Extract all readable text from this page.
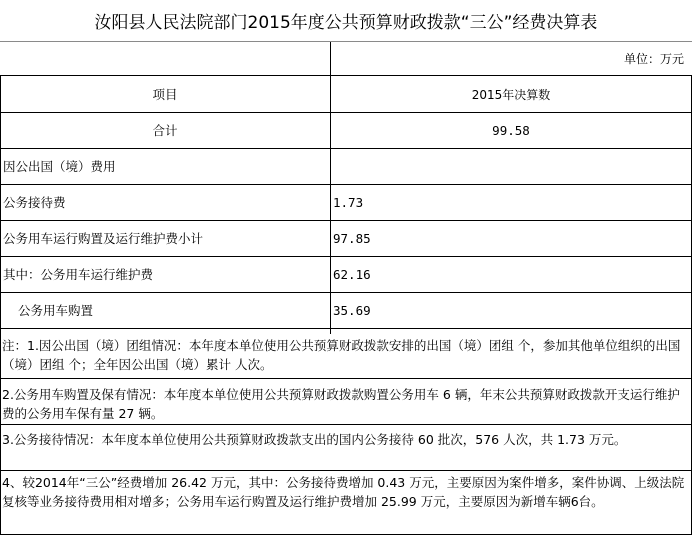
汝阳县人民法院部门2015年度公共预算财政拨款“三公”经费决算表
单位：万元
项目	2015年决算数
合计	99.58
因公出国（境）费用
公务接待费	1.73
公务用车运行购置及运行维护费小计	97.85
其中：公务用车运行维护费	62.16
公务用车购置	35.69
注：1.因公出国（境）团组情况：本年度本单位使用公共预算财政拨款安排的出国（境）团组 个，参加其他单位组织的出国（境）团组 个；全年因公出国（境）累计 人次。
2.公务用车购置及保有情况：本年度本单位使用公共预算财政拨款购置公务用车 6 辆，年末公共预算财政拨款开支运行维护费的公务用车保有量 27 辆。
3.公务接待情况：本年度本单位使用公共预算财政拨款支出的国内公务接待 60 批次，576 人次，共 1.73 万元。
4、较2014年“三公”经费增加 26.42 万元，其中：公务接待费增加 0.43 万元，主要原因为案件增多，案件协调、上级法院复核等业务接待费用相对增多；公务用车运行购置及运行维护费增加 25.99 万元，主要原因为新增车辆6台。
